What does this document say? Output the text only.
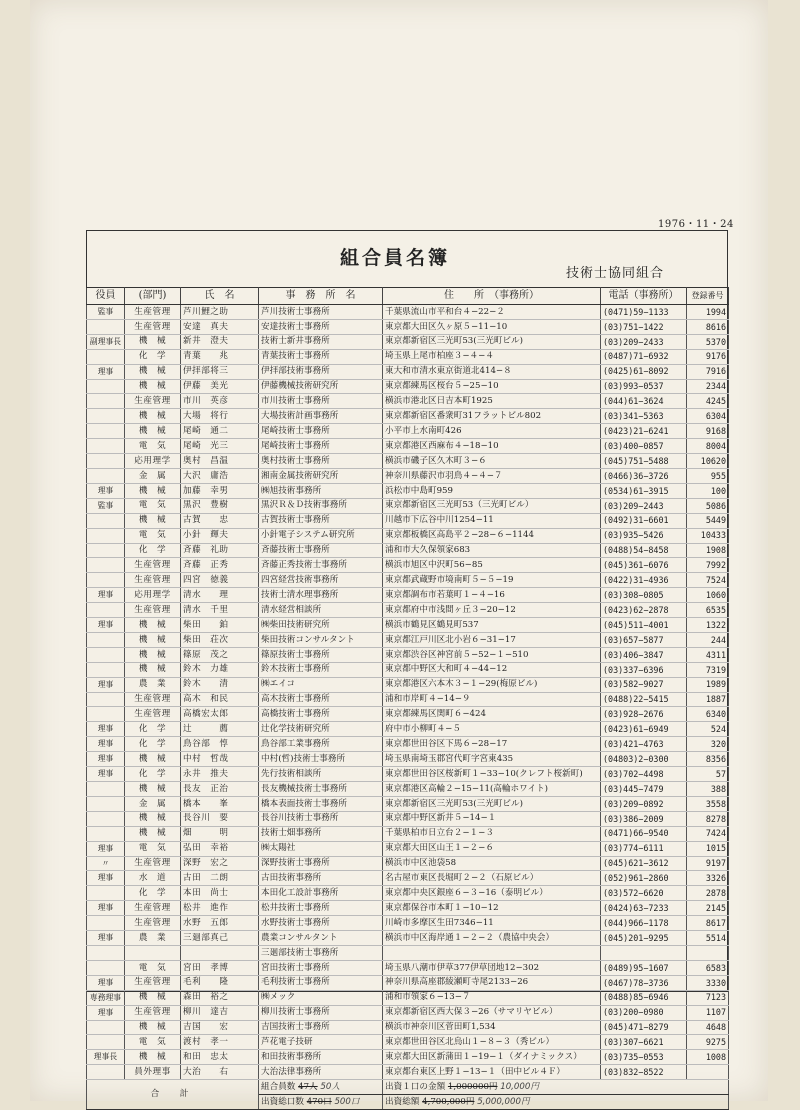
1976・11・24
組合員名簿
技術士協同組合
役員	(部門)	氏　名	事　務　所　名	住　　所　（事務所）	電話（事務所）	登録番号
監事	生産管理	芦川鯉之助	芦川技術士事務所	千葉県流山市平和台４−22−２	(0471)59−1133	1994
	生産管理	安達　真夫	安達技術士事務所	東京都大田区久ヶ原５−11−10	(03)751−1422	8616
副理事長	機　械	新井　澄夫	技術士新井事務所	東京都新宿区三光町53(三光町ビル)	(03)209−2433	5370
	化　学	青葉　　兆	青葉技術士事務所	埼玉県上尾市柏座３−４−４	(0487)71−6932	9176
理事	機　械	伊拝部将三	伊拝部技術事務所	東大和市清水東京街道北414−８	(0425)61−8092	7916
	機　械	伊藤　美光	伊藤機械技術研究所	東京都練馬区桜台５−25−10	(03)993−0537	2344
	生産管理	市川　英彦	市川技術士事務所	横浜市港北区日吉本町1925	(044)61−3624	4245
	機　械	大場　将行	大場技術計画事務所	東京都新宿区番衆町31フラットビル802	(03)341−5363	6304
	機　械	尾崎　通二	尾崎技術士事務所	小平市上水南町426	(0423)21−6241	9168
	電　気	尾崎　光三	尾崎技術士事務所	東京都港区西麻布４−18−10	(03)400−0857	8004
	応用理学	奥村　昌温	奥村技術士事務所	横浜市磯子区久木町３−６	(045)751−5488	10620
	金　属	大沢　庸浩	湘南金属技術研究所	神奈川県藤沢市羽鳥４−４−７	(0466)36−3726	955
理事	機　械	加藤　幸男	㈱旭技術事務所	浜松市中島町959	(0534)61−3915	100
監事	電　気	黒沢　豊樹	黒沢Ｒ＆Ｄ技術事務所	東京都新宿区三光町53（三光町ビル）	(03)209−2443	5086
	機　械	古賀　　忠	古賀技術士事務所	川越市下広谷中川1254−11	(0492)31−6601	5449
	電　気	小針　輝夫	小針電子システム研究所	東京都板橋区高島平２−28−６−1144	(03)935−5426	10433
	化　学	斉藤　礼助	斉藤技術士事務所	浦和市大久保領家683	(0488)54−8458	1908
	生産管理	斉藤　正秀	斉藤正秀技術士事務所	横浜市旭区中沢町56−85	(045)361−6076	7992
	生産管理	四宮　徳義	四宮経営技術事務所	東京都武蔵野市境南町５−５−19	(0422)31−4936	7524
理事	応用理学	清水　　理	技術士清水理事務所	東京都調布市若葉町１−４−16	(03)308−0805	1060
	生産管理	清水　千里	清水経営相談所	東京都府中市浅間ヶ丘３−20−12	(0423)62−2878	6535
理事	機　械	柴田　　鉑	㈱柴田技術研究所	横浜市鶴見区鶴見町537	(045)511−4001	1322
	機　械	柴田　荘次	柴田技術コンサルタント	東京都江戸川区北小岩６−31−17	(03)657−5877	244
	機　械	篠原　茂之	篠原技術士事務所	東京都渋谷区神宮前５−52−１−510	(03)406−3847	4311
	機　械	鈴木　力雄	鈴木技術士事務所	東京都中野区大和町４−44−12	(03)337−6396	7319
理事	農　業	鈴木　　清	㈱エイコ	東京都港区六本木３−１−29(梅原ビル)	(03)582−9027	1989
	生産管理	高木　和民	高木技術士事務所	浦和市岸町４−14−９	(0488)22−5415	1887
	生産管理	高橋宏太郎	高橋技術士事務所	東京都練馬区関町６−424	(03)928−2676	6340
理事	化　学	辻　　　薦	辻化学技術研究所	府中市小柳町４−５	(0423)61−6949	524
理事	化　学	鳥谷部　惇	鳥谷部工業事務所	東京都世田谷区下馬６−28−17	(03)421−4763	320
理事	機　械	中村　哲哉	中村(哲)技術士事務所	埼玉県南埼玉郡宮代町字宮東435	(04803)2−0300	8356
理事	化　学	永井　推夫	先行技術相談所	東京都世田谷区桜新町１−33−10(クレフト桜新町)	(03)702−4498	57
	機　械	長友　正治	長友機械技術士事務所	東京都港区高輪２−15−11(高輪ホワイト)	(03)445−7479	388
	金　属	橋本　　峯	橋本表面技術士事務所	東京都新宿区三光町53(三光町ビル)	(03)209−0892	3558
	機　械	長谷川　要	長谷川技術士事務所	東京都中野区新井５−14−１	(03)386−2009	8278
	機　械	畑　　　明	技術士畑事務所	千葉県柏市日立台２−１−３	(0471)66−9540	7424
理事	電　気	弘田　幸裕	㈱太陽社	東京都大田区山王１−２−６	(03)774−6111	1015
〃	生産管理	深野　宏之	深野技術士事務所	横浜市中区池袋58	(045)621−3612	9197
理事	水　道	古田　二朗	古田技術事務所	名古屋市東区長堀町２−２（石原ビル）	(052)961−2860	3326
	化　学	本田　尚士	本田化工設計事務所	東京都中央区銀座６−３−16（泰明ビル）	(03)572−6620	2878
理事	生産管理	松井　進作	松井技術士事務所	東京都保谷市本町１−10−12	(0424)63−7233	2145
	生産管理	水野　五郎	水野技術士事務所	川崎市多摩区生田7346−11	(044)966−1178	8617
理事	農　業	三廻部真己	農業コンサルタント	横浜市中区海岸通１−２−２（農協中央会）	(045)201−9295	5514
			三廻部技術士事務所			
	電　気	宮田　孝博	宮田技術士事務所	埼玉県八潮市伊草377伊草団地12−302	(0489)95−1607	6583
理事	生産管理	毛利　　隆	毛利技術士事務所	神奈川県高座郡綾瀬町寺尾2133−26	(0467)78−3736	3330
専務理事	機　械	森田　裕之	㈱メック	浦和市領家６−13−７	(0488)85−6946	7123
理事	生産管理	柳川　達吉	柳川技術士事務所	東京都新宿区西大保３−26（サマリヤビル）	(03)200−0980	1107
	機　械	吉国　　宏	吉国技術士事務所	横浜市神奈川区菅田町1,534	(045)471−8279	4648
	電　気	渡村　孝一	芦花電子技研	東京都世田谷区北烏山１−８−３（秀ビル）	(03)307−6621	9275
理事長	機　械	和田　忠太	和田技術事務所	東京都大田区新蒲田１−19−１（ダイナミックス）	(03)735−0553	1008
	員外理事	大治　　右	大治法律事務所	東京都台東区上野１−13−１（田中ビル４Ｆ）	(03)832−8522	
合　計			組合員数 47人 50人	出資１口の金額 1,000000円 10,000円		
			出資総口数 470口 500口	出資総額 4,700,000円 5,000,000円		
